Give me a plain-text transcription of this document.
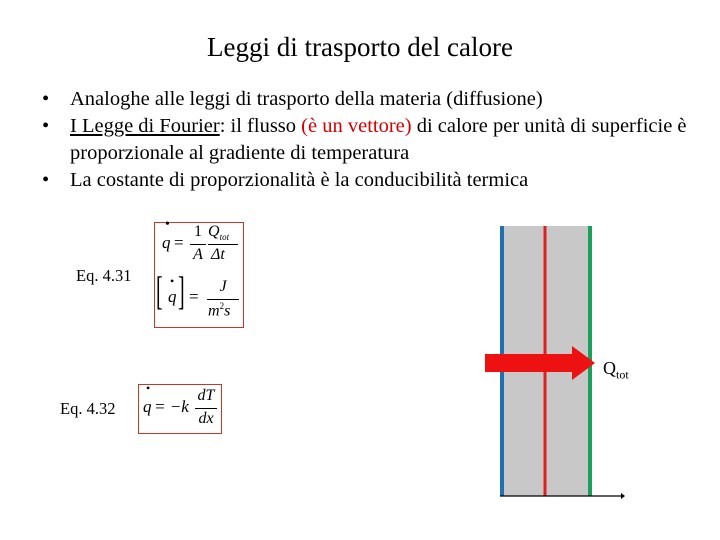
Leggi di trasporto del calore
• Analoghe alle leggi di trasporto della materia (diffusione)
• I Legge di Fourier: il flusso (è un vettore) di calore per unità di superficie è proporzionale al gradiente di temperatura
• La costante di proporzionalità è la conducibilità termica
Eq. 4.31
•
q =
1
A
$Q_{tot}$
Δt
[ •
q ] =
J
$m^2s$
Eq. 4.32
•
q = −k
dT
dx
$Q_{tot}$
